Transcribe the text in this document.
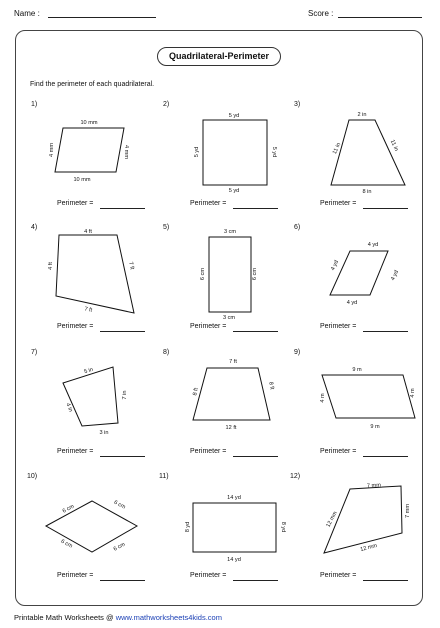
Name :	Score :
Quadrilateral-Perimeter
Find the perimeter of each quadrilateral.
1)	2)	3)
4)	5)	6)
7)	8)	9)
10)	11)	12)
10 mm
4 mm	4 mm
10 mm
5 yd
5 yd	5 yd
5 yd
2 in
11 in	11 in
8 in
4 ft
4 ft	7 ft
7 ft
3 cm
6 cm	6 cm
3 cm
4 yd
4 yd
4 yd
4 yd
5 in
4 in
7 in
3 in
7 ft
8 ft
8 ft
12 ft
9 m
4 m
4 m
9 m
6 cm	6 cm
6 cm	6 cm
14 yd
8 yd	8 yd
14 yd
7 mm
12 mm	7 mm
12 mm
Perimeter =	Perimeter =	Perimeter =
Perimeter =	Perimeter =	Perimeter =
Perimeter =	Perimeter =	Perimeter =
Perimeter =	Perimeter =	Perimeter =
Printable Math Worksheets @ www.mathworksheets4kids.com
